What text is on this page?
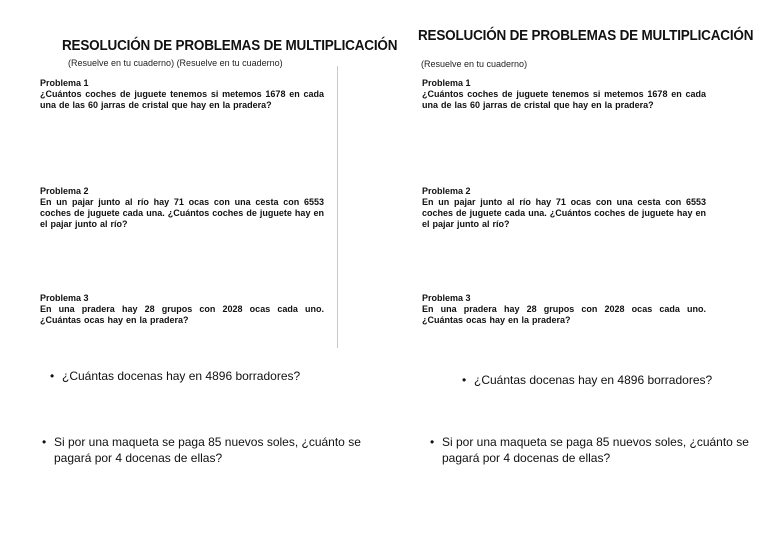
RESOLUCIÓN DE PROBLEMAS DE MULTIPLICACIÓN
(Resuelve en tu cuaderno) (Resuelve en tu cuaderno)
Problema 1
¿Cuántos coches de juguete tenemos si metemos 1678 en cada una de las 60 jarras de cristal que hay en la pradera?
Problema 2
En un pajar junto al río hay 71 ocas con una cesta con 6553 coches de juguete cada una. ¿Cuántos coches de juguete hay en el pajar junto al río?
Problema 3
En una pradera hay 28 grupos con 2028 ocas cada uno. ¿Cuántas ocas hay en la pradera?
• ¿Cuántas docenas hay en 4896 borradores?
• Si por una maqueta se paga 85 nuevos soles, ¿cuánto se pagará por 4 docenas de ellas?
RESOLUCIÓN DE PROBLEMAS DE MULTIPLICACIÓN
(Resuelve en tu cuaderno)
Problema 1
¿Cuántos coches de juguete tenemos si metemos 1678 en cada una de las 60 jarras de cristal que hay en la pradera?
Problema 2
En un pajar junto al río hay 71 ocas con una cesta con 6553 coches de juguete cada una. ¿Cuántos coches de juguete hay en el pajar junto al río?
Problema 3
En una pradera hay 28 grupos con 2028 ocas cada uno. ¿Cuántas ocas hay en la pradera?
• ¿Cuántas docenas hay en 4896 borradores?
• Si por una maqueta se paga 85 nuevos soles, ¿cuánto se pagará por 4 docenas de ellas?
